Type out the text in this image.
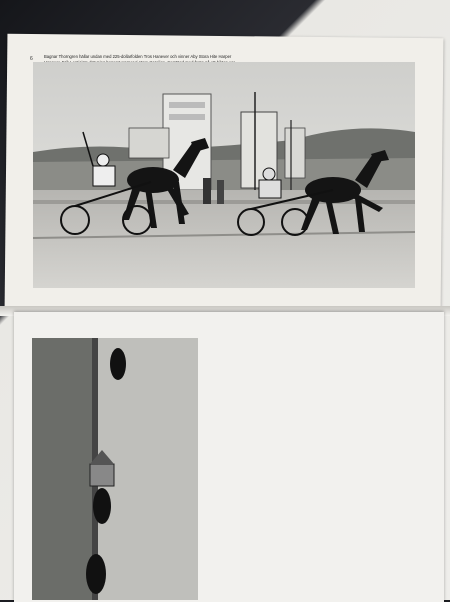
6	Bagnar Thorngren hällar undan med 225-dollarfolden Tros Hanever och vinner Aby Stora Hite Harper
